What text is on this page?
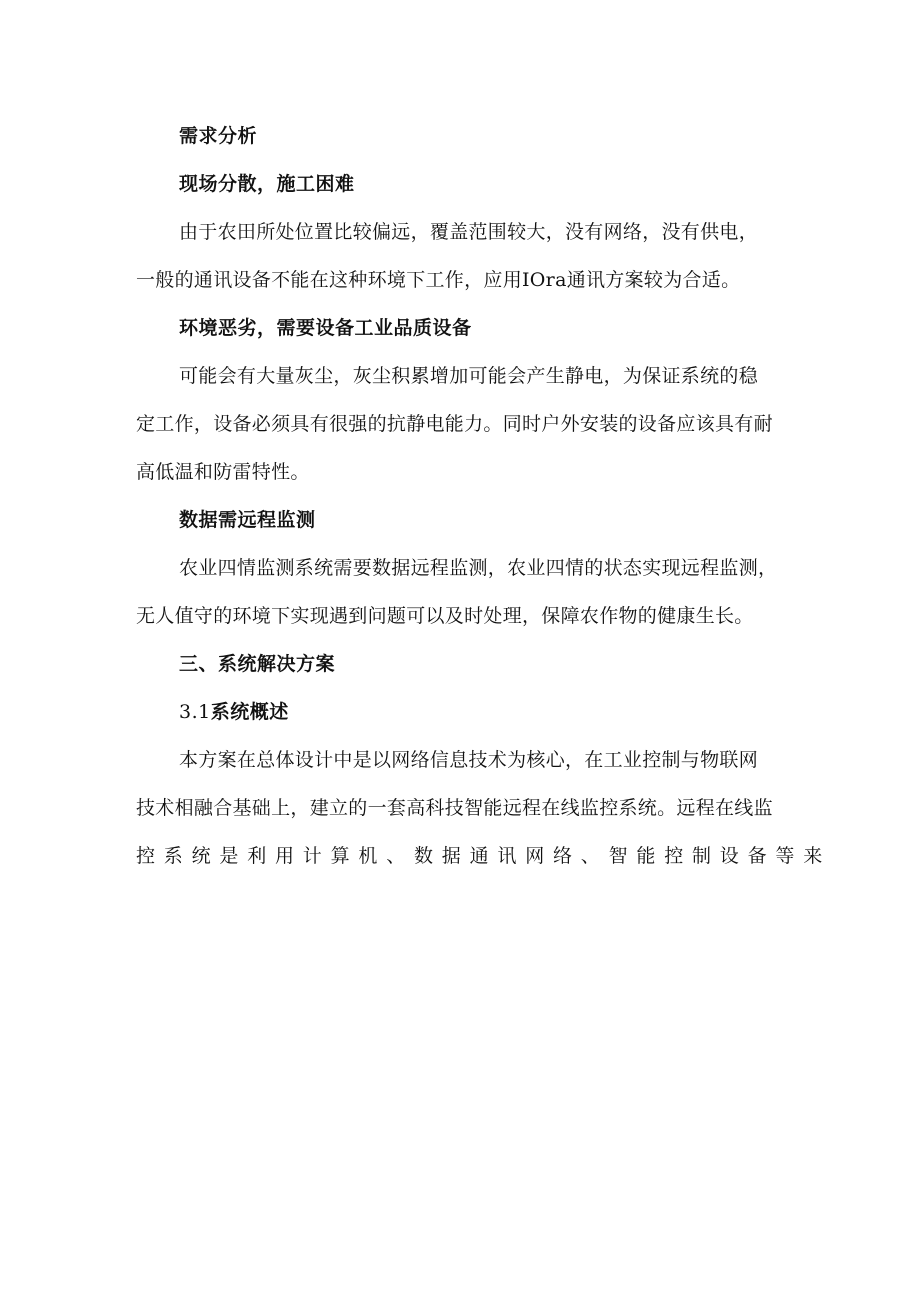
需求分析
现场分散，施工困难
由于农田所处位置比较偏远，覆盖范围较大，没有网络，没有供电，
一般的通讯设备不能在这种环境下工作，应用IOra通讯方案较为合适。
环境恶劣，需要设备工业品质设备
可能会有大量灰尘，灰尘积累增加可能会产生静电，为保证系统的稳
定工作，设备必须具有很强的抗静电能力。同时户外安装的设备应该具有耐
高低温和防雷特性。
数据需远程监测
农业四情监测系统需要数据远程监测，农业四情的状态实现远程监测，
无人值守的环境下实现遇到问题可以及时处理，保障农作物的健康生长。
三、系统解决方案
3.1系统概述
本方案在总体设计中是以网络信息技术为核心，在工业控制与物联网
技术相融合基础上，建立的一套高科技智能远程在线监控系统。远程在线监
控系统是利用计算机、数据通讯网络、智能控制设备等来
